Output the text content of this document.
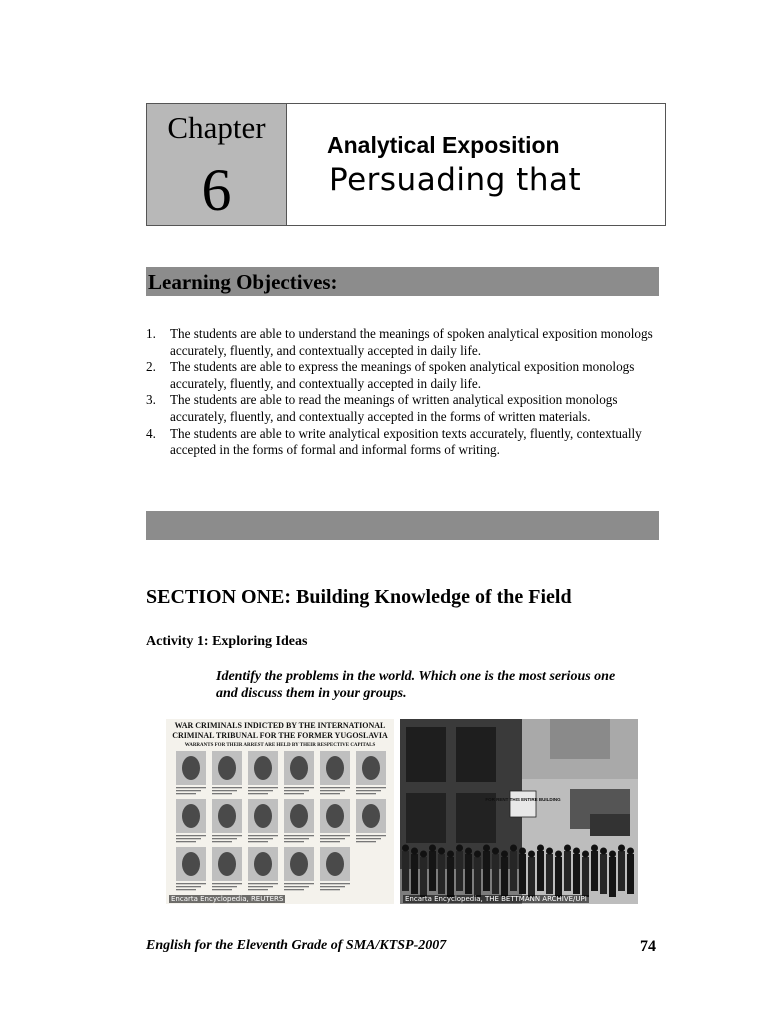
Chapter
6
Analytical Exposition
Persuading that
Learning Objectives:
1. The students are able to understand the meanings of spoken analytical exposition monologs accurately, fluently, and contextually accepted in daily life.
2. The students are able to express the meanings of spoken analytical exposition monologs accurately, fluently, and contextually accepted in daily life.
3. The students are able to read the meanings of written analytical exposition monologs accurately, fluently, and contextually accepted in the forms of written materials.
4. The students are able to write analytical exposition texts accurately, fluently, contextually accepted in the forms of formal and informal forms of writing.
SECTION ONE: Building Knowledge of the Field
Activity 1: Exploring Ideas
Identify the problems in the world. Which one is the most serious one and discuss them in your groups.
WAR CRIMINALS INDICTED BY THE INTERNATIONAL
CRIMINAL TRIBUNAL FOR THE FORMER YUGOSLAVIA
WARRANTS FOR THEIR ARREST ARE HELD BY THEIR RESPECTIVE CAPITALS
Encarta Encyclopedia, REUTERS
FOR RENT THIS ENTIRE BUILDING
Encarta Encyclopedia, THE BETTMANN ARCHIVE/UPI
English for the Eleventh Grade of SMA/KTSP-2007	74
